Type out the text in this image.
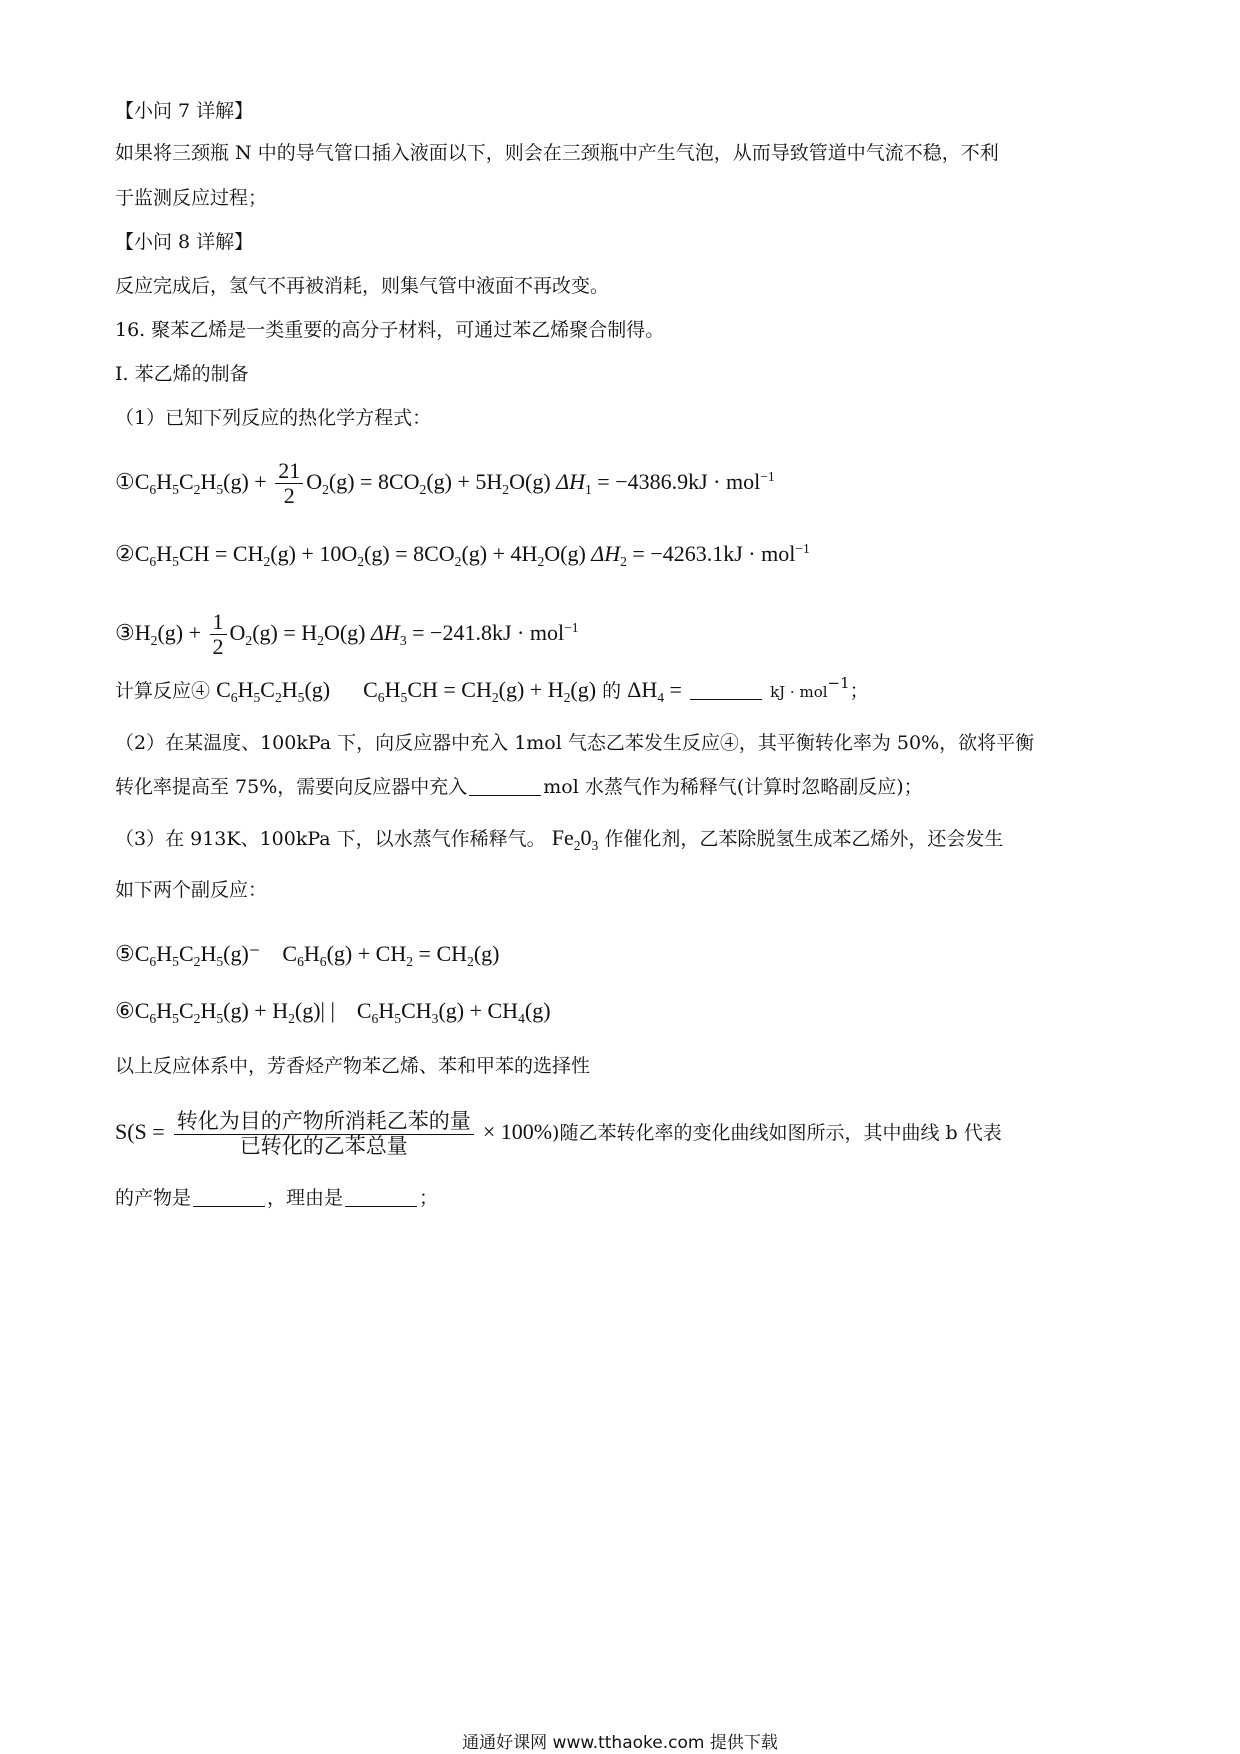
【小问 7 详解】
如果将三颈瓶 N 中的导气管口插入液面以下，则会在三颈瓶中产生气泡，从而导致管道中气流不稳，不利
于监测反应过程；
【小问 8 详解】
反应完成后，氢气不再被消耗，则集气管中液面不再改变。
16. 聚苯乙烯是一类重要的高分子材料，可通过苯乙烯聚合制得。
I. 苯乙烯的制备
（1）已知下列反应的热化学方程式：
$①C_6H_5C_2H_5(g) + \frac{21}{2} O_2(g) = 8CO_2(g) + 5H_2O(g) \Delta H_1 = -4386.9kJ \cdot mol^{-1}$
$②C_6H_5CH = CH_2(g) + 10O_2(g) = 8CO_2(g) + 4H_2O(g) \Delta H_2 = -4263.1kJ \cdot mol^{-1}$
$③H_2(g) + \frac{1}{2} O_2(g) = H_2O(g) \Delta H_3 = -241.8kJ \cdot mol^{-1}$
计算反应④ $C_6H_5C_2H_5(g)$      $C_6H_5CH = CH_2(g) + H_2(g)$ 的 $\Delta H_4$ =	kJ · mol$^{-1}$；
（2）在某温度、100kPa 下，向反应器中充入 1mol 气态乙苯发生反应④，其平衡转化率为 50%，欲将平衡
转化率提高至 75%，需要向反应器中充入	mol 水蒸气作为稀释气(计算时忽略副反应)；
（3）在 913K、100kPa 下，以水蒸气作稀释气。 $Fe_20_3$ 作催化剂，乙苯除脱氢生成苯乙烯外，还会发生
如下两个副反应：
$⑤C_6H_5C_2H_5(g)^-$    $C_6H_6(g) + CH_2 = CH_2(g)$
$⑥C_6H_5C_2H_5(g) + H_2(g)|$ |    $C_6H_5CH_3(g) + CH_4(g)$
以上反应体系中，芳香烃产物苯乙烯、苯和甲苯的选择性
$S(S = \frac{\text{转化为目的产物所消耗乙苯的量}}{\text{已转化的乙苯总量}} \times 100\%)$随乙苯转化率的变化曲线如图所示，其中曲线 b 代表
的产物是	，理由是	；
通通好课网 www.tthaoke.com 提供下载
